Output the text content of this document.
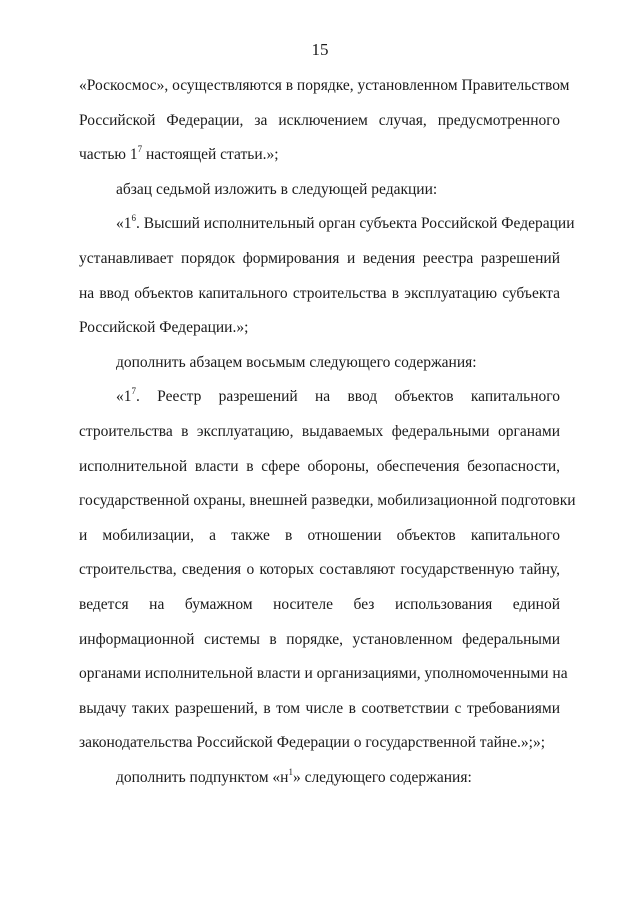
15
«Роскосмос», осуществляются в порядке, установленном Правительством
Российской Федерации, за исключением случая, предусмотренного
частью $1^7$ настоящей статьи.»;
абзац седьмой изложить в следующей редакции:
«$1^6$. Высший исполнительный орган субъекта Российской Федерации
устанавливает порядок формирования и ведения реестра разрешений
на ввод объектов капитального строительства в эксплуатацию субъекта
Российской Федерации.»;
дополнить абзацем восьмым следующего содержания:
«$1^7$. Реестр разрешений на ввод объектов капитального
строительства в эксплуатацию, выдаваемых федеральными органами
исполнительной власти в сфере обороны, обеспечения безопасности,
государственной охраны, внешней разведки, мобилизационной подготовки
и мобилизации, а также в отношении объектов капитального
строительства, сведения о которых составляют государственную тайну,
ведется на бумажном носителе без использования единой
информационной системы в порядке, установленном федеральными
органами исполнительной власти и организациями, уполномоченными на
выдачу таких разрешений, в том числе в соответствии с требованиями
законодательства Российской Федерации о государственной тайне.»;»;
дополнить подпунктом «$н^1$» следующего содержания:
